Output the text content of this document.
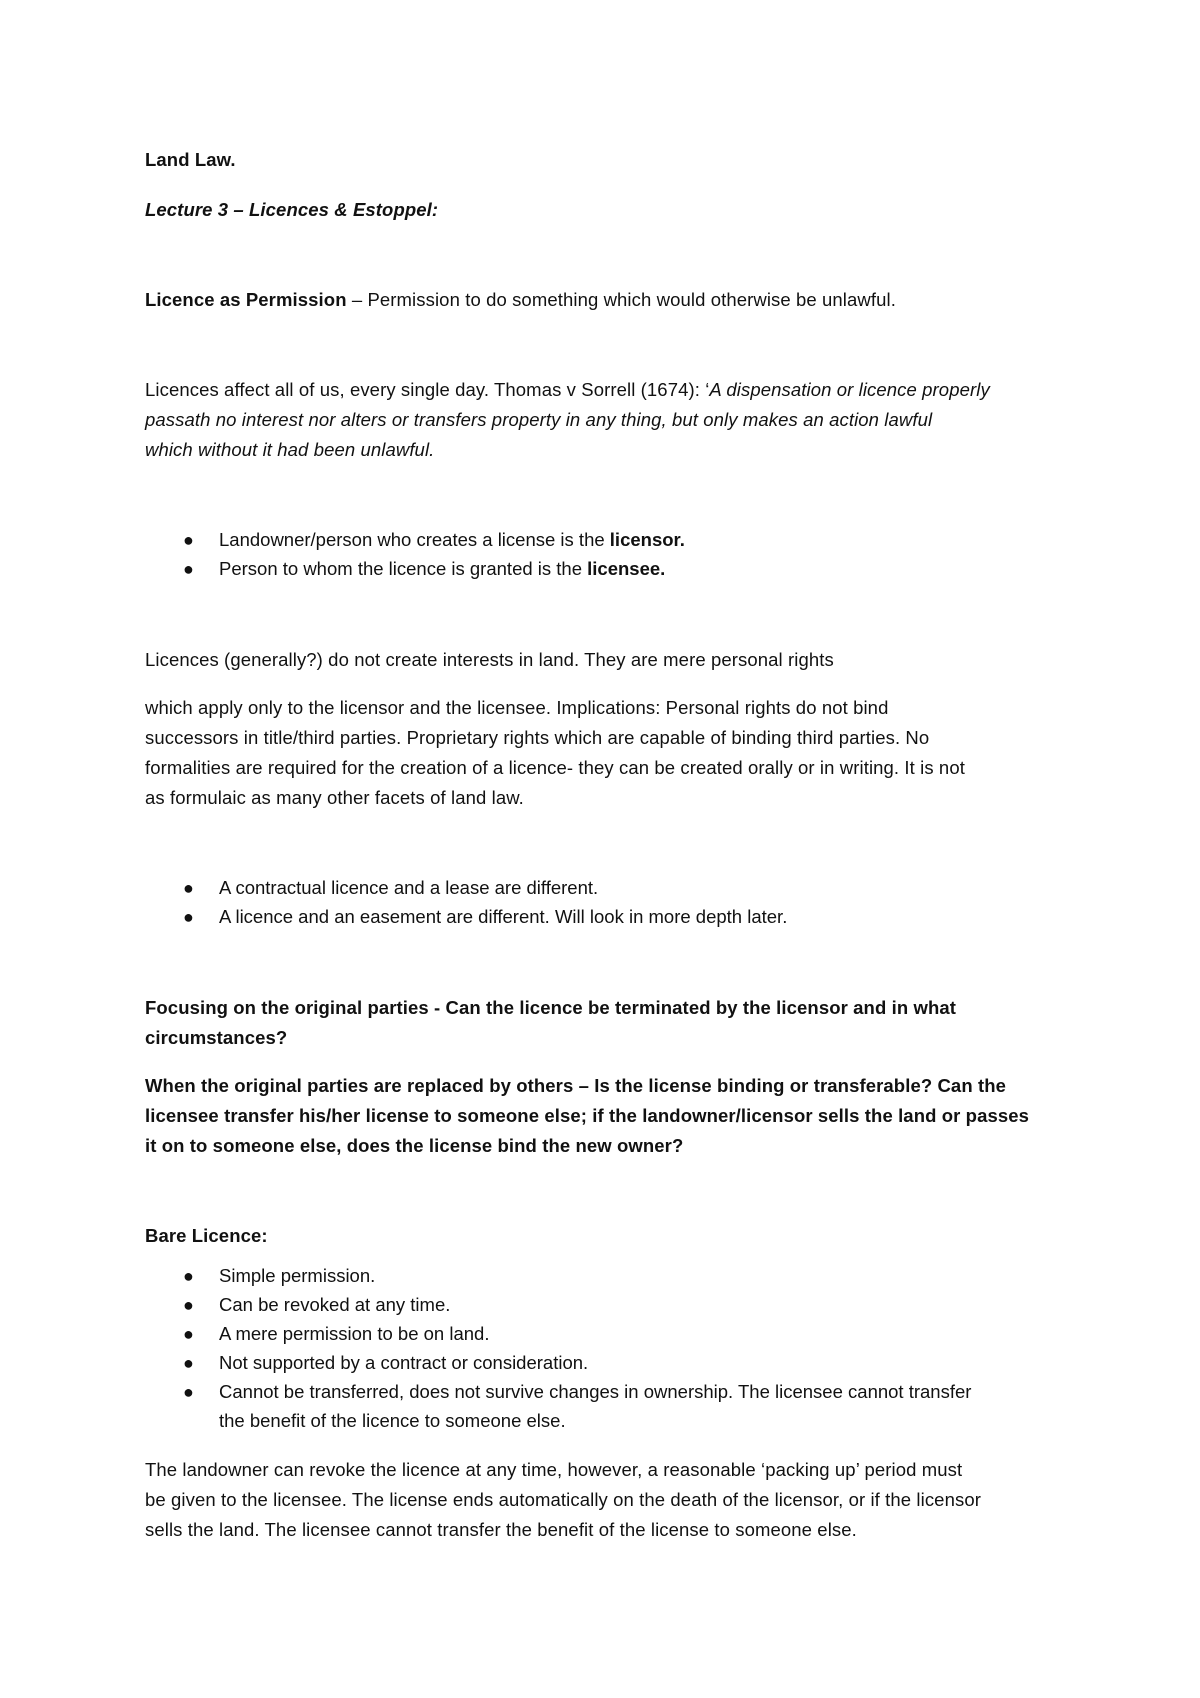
Land Law.
Lecture 3 – Licences & Estoppel:
Licence as Permission – Permission to do something which would otherwise be unlawful.
Licences affect all of us, every single day. Thomas v Sorrell (1674): ‘A dispensation or licence properly
passath no interest nor alters or transfers property in any thing, but only makes an action lawful
which without it had been unlawful.
● Landowner/person who creates a license is the licensor.
● Person to whom the licence is granted is the licensee.
Licences (generally?) do not create interests in land. They are mere personal rights
which apply only to the licensor and the licensee. Implications: Personal rights do not bind
successors in title/third parties. Proprietary rights which are capable of binding third parties. No
formalities are required for the creation of a licence- they can be created orally or in writing. It is not
as formulaic as many other facets of land law.
● A contractual licence and a lease are different.
● A licence and an easement are different. Will look in more depth later.
Focusing on the original parties - Can the licence be terminated by the licensor and in what
circumstances?
When the original parties are replaced by others – Is the license binding or transferable? Can the
licensee transfer his/her license to someone else; if the landowner/licensor sells the land or passes
it on to someone else, does the license bind the new owner?
Bare Licence:
● Simple permission.
● Can be revoked at any time.
● A mere permission to be on land.
● Not supported by a contract or consideration.
● Cannot be transferred, does not survive changes in ownership. The licensee cannot transfer
the benefit of the licence to someone else.
The landowner can revoke the licence at any time, however, a reasonable ‘packing up’ period must
be given to the licensee. The license ends automatically on the death of the licensor, or if the licensor
sells the land. The licensee cannot transfer the benefit of the license to someone else.
